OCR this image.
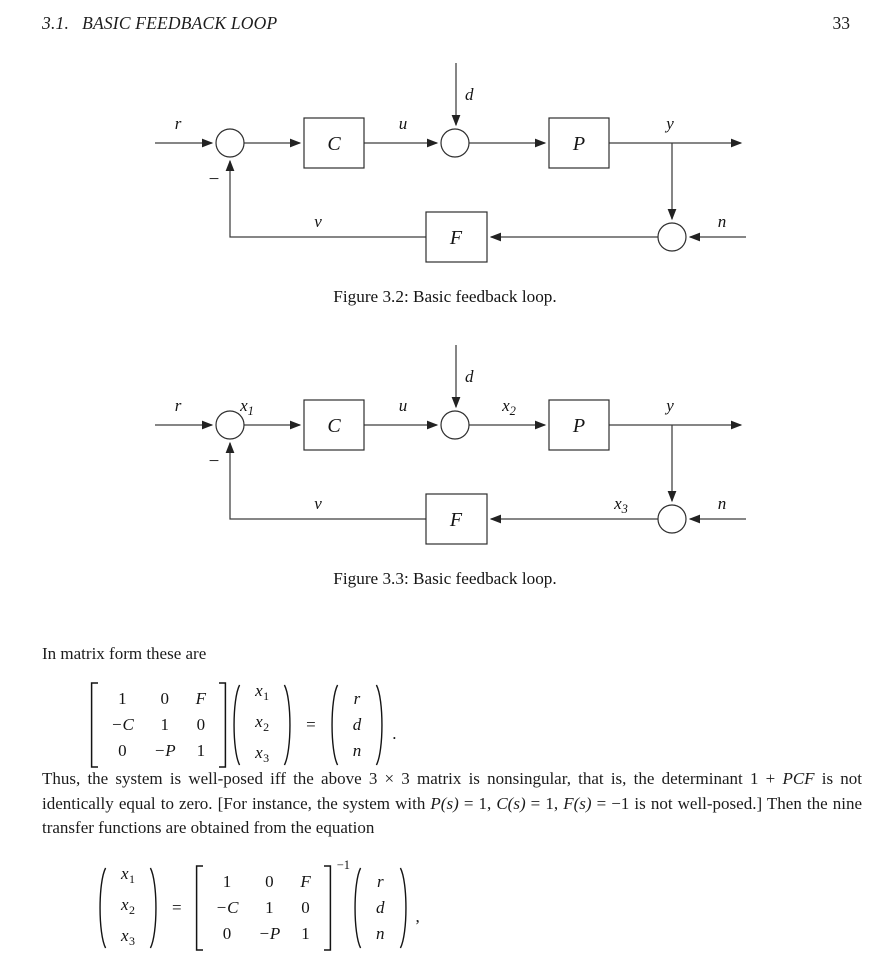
3.1. BASIC FEEDBACK LOOP	33
C	P
F
r	u
d
y
n
v
−
Figure 3.2: Basic feedback loop.
C	P
F
r	$x_1$	u
d
$x_2$	y
$x_3$	n
v
−
Figure 3.3: Basic feedback loop.

In matrix form these are

1 0 F
−C 1 0
0 −P 1
$x_1$
$x_2$
$x_3$
=
r
d
n
.

Thus, the system is well-posed iff the above 3 × 3 matrix is nonsingular, that is, the determinant 1 + PCF is not identically equal to zero. [For instance, the system with P(s) = 1, C(s) = 1, F(s) = −1 is not well-posed.] Then the nine transfer functions are obtained from the equation

$x_1$
$x_2$
$x_3$
=
1 0 F
−C 1 0
0 −P 1
−1
r
d
n
,
